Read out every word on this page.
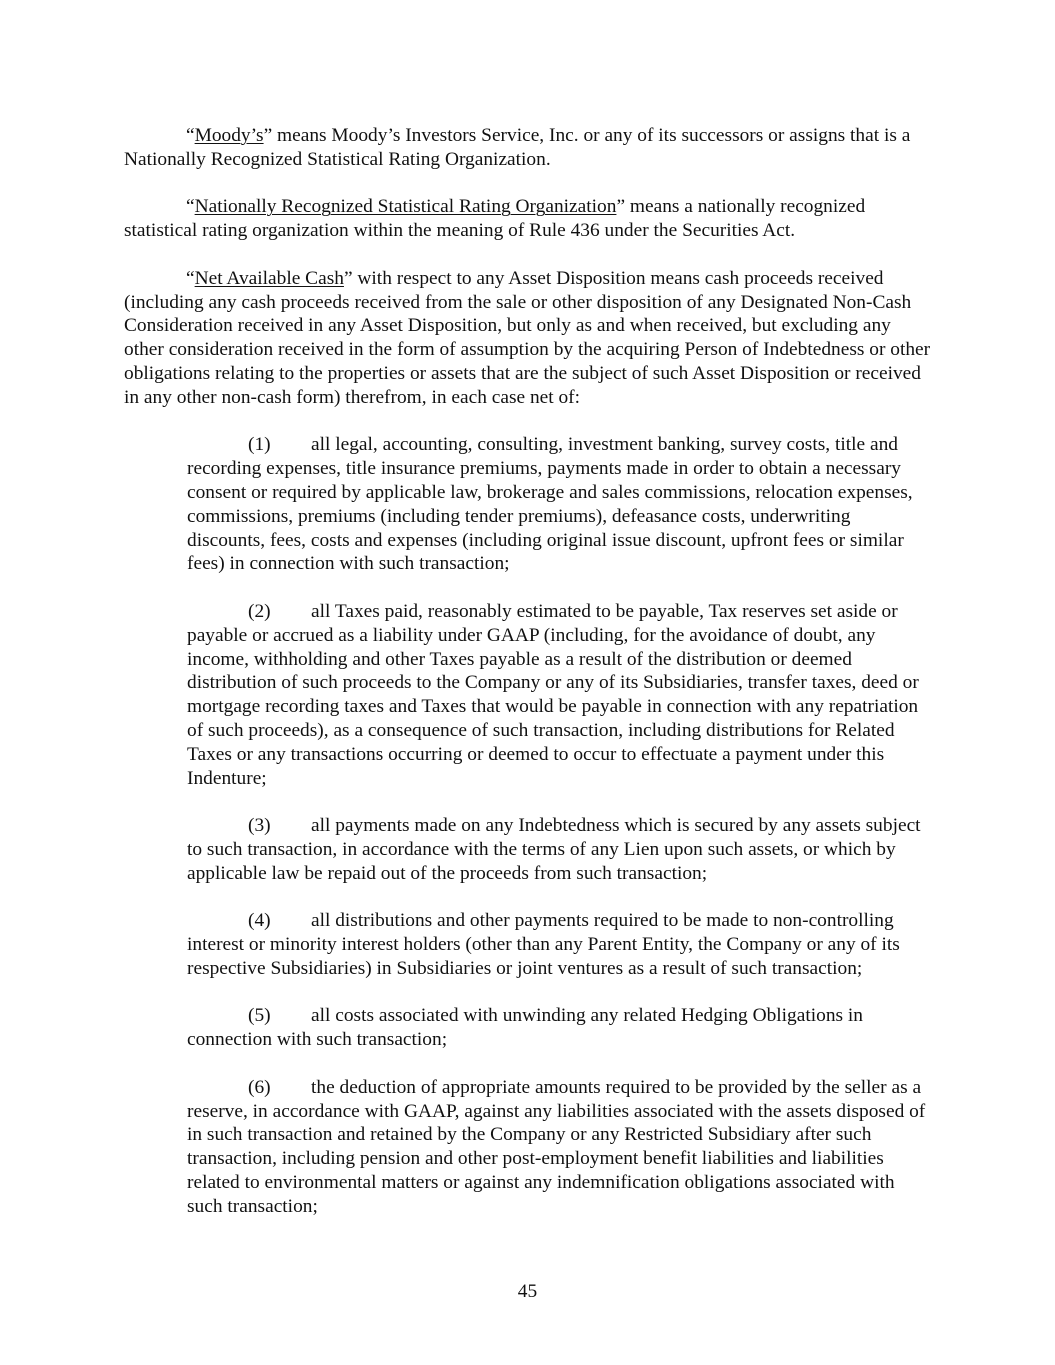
“Moody’s” means Moody’s Investors Service, Inc. or any of its successors or assigns that is a Nationally Recognized Statistical Rating Organization.

“Nationally Recognized Statistical Rating Organization” means a nationally recognized statistical rating organization within the meaning of Rule 436 under the Securities Act.

“Net Available Cash” with respect to any Asset Disposition means cash proceeds received (including any cash proceeds received from the sale or other disposition of any Designated Non-Cash Consideration received in any Asset Disposition, but only as and when received, but excluding any other consideration received in the form of assumption by the acquiring Person of Indebtedness or other obligations relating to the properties or assets that are the subject of such Asset Disposition or received in any other non-cash form) therefrom, in each case net of:

(1) all legal, accounting, consulting, investment banking, survey costs, title and recording expenses, title insurance premiums, payments made in order to obtain a necessary consent or required by applicable law, brokerage and sales commissions, relocation expenses, commissions, premiums (including tender premiums), defeasance costs, underwriting discounts, fees, costs and expenses (including original issue discount, upfront fees or similar fees) in connection with such transaction;

(2) all Taxes paid, reasonably estimated to be payable, Tax reserves set aside or payable or accrued as a liability under GAAP (including, for the avoidance of doubt, any income, withholding and other Taxes payable as a result of the distribution or deemed distribution of such proceeds to the Company or any of its Subsidiaries, transfer taxes, deed or mortgage recording taxes and Taxes that would be payable in connection with any repatriation of such proceeds), as a consequence of such transaction, including distributions for Related Taxes or any transactions occurring or deemed to occur to effectuate a payment under this Indenture;

(3) all payments made on any Indebtedness which is secured by any assets subject to such transaction, in accordance with the terms of any Lien upon such assets, or which by applicable law be repaid out of the proceeds from such transaction;

(4) all distributions and other payments required to be made to non-controlling interest or minority interest holders (other than any Parent Entity, the Company or any of its respective Subsidiaries) in Subsidiaries or joint ventures as a result of such transaction;

(5) all costs associated with unwinding any related Hedging Obligations in connection with such transaction;

(6) the deduction of appropriate amounts required to be provided by the seller as a reserve, in accordance with GAAP, against any liabilities associated with the assets disposed of in such transaction and retained by the Company or any Restricted Subsidiary after such transaction, including pension and other post-employment benefit liabilities and liabilities related to environmental matters or against any indemnification obligations associated with such transaction;

45
